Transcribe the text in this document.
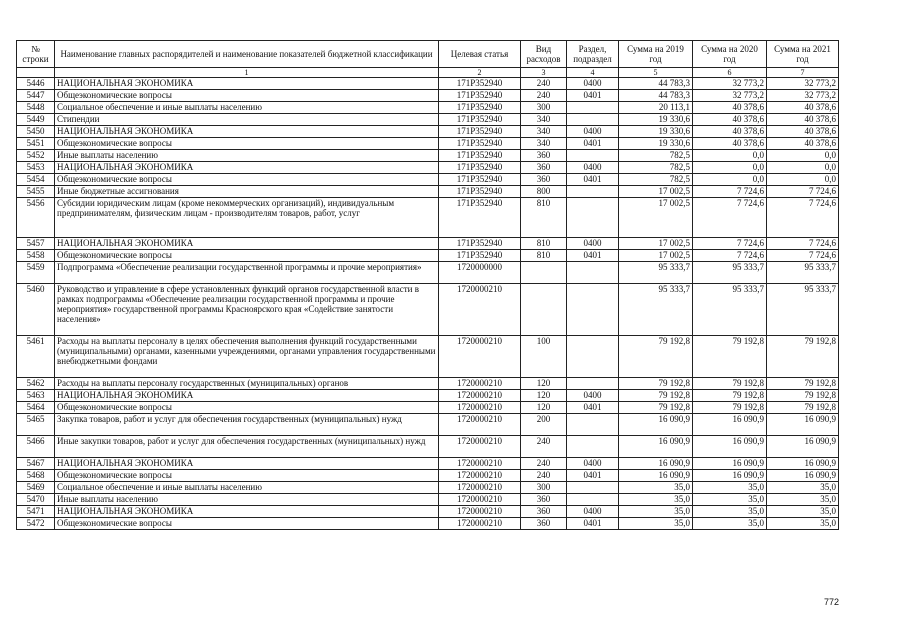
№ строки	Наименование главных распорядителей и наименование показателей бюджетной классификации	Целевая статья	Вид расходов	Раздел, подраздел	Сумма на 2019 год	Сумма на 2020 год	Сумма на 2021 год
	1	2	3	4	5	6	7
5446	НАЦИОНАЛЬНАЯ ЭКОНОМИКА	171Р352940	240	0400	44 783,3	32 773,2	32 773,2
5447	Общеэкономические вопросы	171Р352940	240	0401	44 783,3	32 773,2	32 773,2
5448	Социальное обеспечение и иные выплаты населению	171Р352940	300		20 113,1	40 378,6	40 378,6
5449	Стипендии	171Р352940	340		19 330,6	40 378,6	40 378,6
5450	НАЦИОНАЛЬНАЯ ЭКОНОМИКА	171Р352940	340	0400	19 330,6	40 378,6	40 378,6
5451	Общеэкономические вопросы	171Р352940	340	0401	19 330,6	40 378,6	40 378,6
5452	Иные выплаты населению	171Р352940	360		782,5	0,0	0,0
5453	НАЦИОНАЛЬНАЯ ЭКОНОМИКА	171Р352940	360	0400	782,5	0,0	0,0
5454	Общеэкономические вопросы	171Р352940	360	0401	782,5	0,0	0,0
5455	Иные бюджетные ассигнования	171Р352940	800		17 002,5	7 724,6	7 724,6
5456	Субсидии юридическим лицам (кроме некоммерческих организаций), индивидуальным предпринимателям, физическим лицам - производителям товаров, работ, услуг	171Р352940	810		17 002,5	7 724,6	7 724,6
5457	НАЦИОНАЛЬНАЯ ЭКОНОМИКА	171Р352940	810	0400	17 002,5	7 724,6	7 724,6
5458	Общеэкономические вопросы	171Р352940	810	0401	17 002,5	7 724,6	7 724,6
5459	Подпрограмма «Обеспечение реализации государственной программы и прочие мероприятия»	1720000000			95 333,7	95 333,7	95 333,7
5460	Руководство и управление в сфере установленных функций органов государственной власти в рамках подпрограммы «Обеспечение реализации государственной программы и прочие мероприятия» государственной программы Красноярского края «Содействие занятости населения»	1720000210			95 333,7	95 333,7	95 333,7
5461	Расходы на выплаты персоналу в целях обеспечения выполнения функций государственными (муниципальными) органами, казенными учреждениями, органами управления государственными внебюджетными фондами	1720000210	100		79 192,8	79 192,8	79 192,8
5462	Расходы на выплаты персоналу государственных (муниципальных) органов	1720000210	120		79 192,8	79 192,8	79 192,8
5463	НАЦИОНАЛЬНАЯ ЭКОНОМИКА	1720000210	120	0400	79 192,8	79 192,8	79 192,8
5464	Общеэкономические вопросы	1720000210	120	0401	79 192,8	79 192,8	79 192,8
5465	Закупка товаров, работ и услуг для обеспечения государственных (муниципальных) нужд	1720000210	200		16 090,9	16 090,9	16 090,9
5466	Иные закупки товаров, работ и услуг для обеспечения государственных (муниципальных) нужд	1720000210	240		16 090,9	16 090,9	16 090,9
5467	НАЦИОНАЛЬНАЯ ЭКОНОМИКА	1720000210	240	0400	16 090,9	16 090,9	16 090,9
5468	Общеэкономические вопросы	1720000210	240	0401	16 090,9	16 090,9	16 090,9
5469	Социальное обеспечение и иные выплаты населению	1720000210	300		35,0	35,0	35,0
5470	Иные выплаты населению	1720000210	360		35,0	35,0	35,0
5471	НАЦИОНАЛЬНАЯ ЭКОНОМИКА	1720000210	360	0400	35,0	35,0	35,0
5472	Общеэкономические вопросы	1720000210	360	0401	35,0	35,0	35,0
772
